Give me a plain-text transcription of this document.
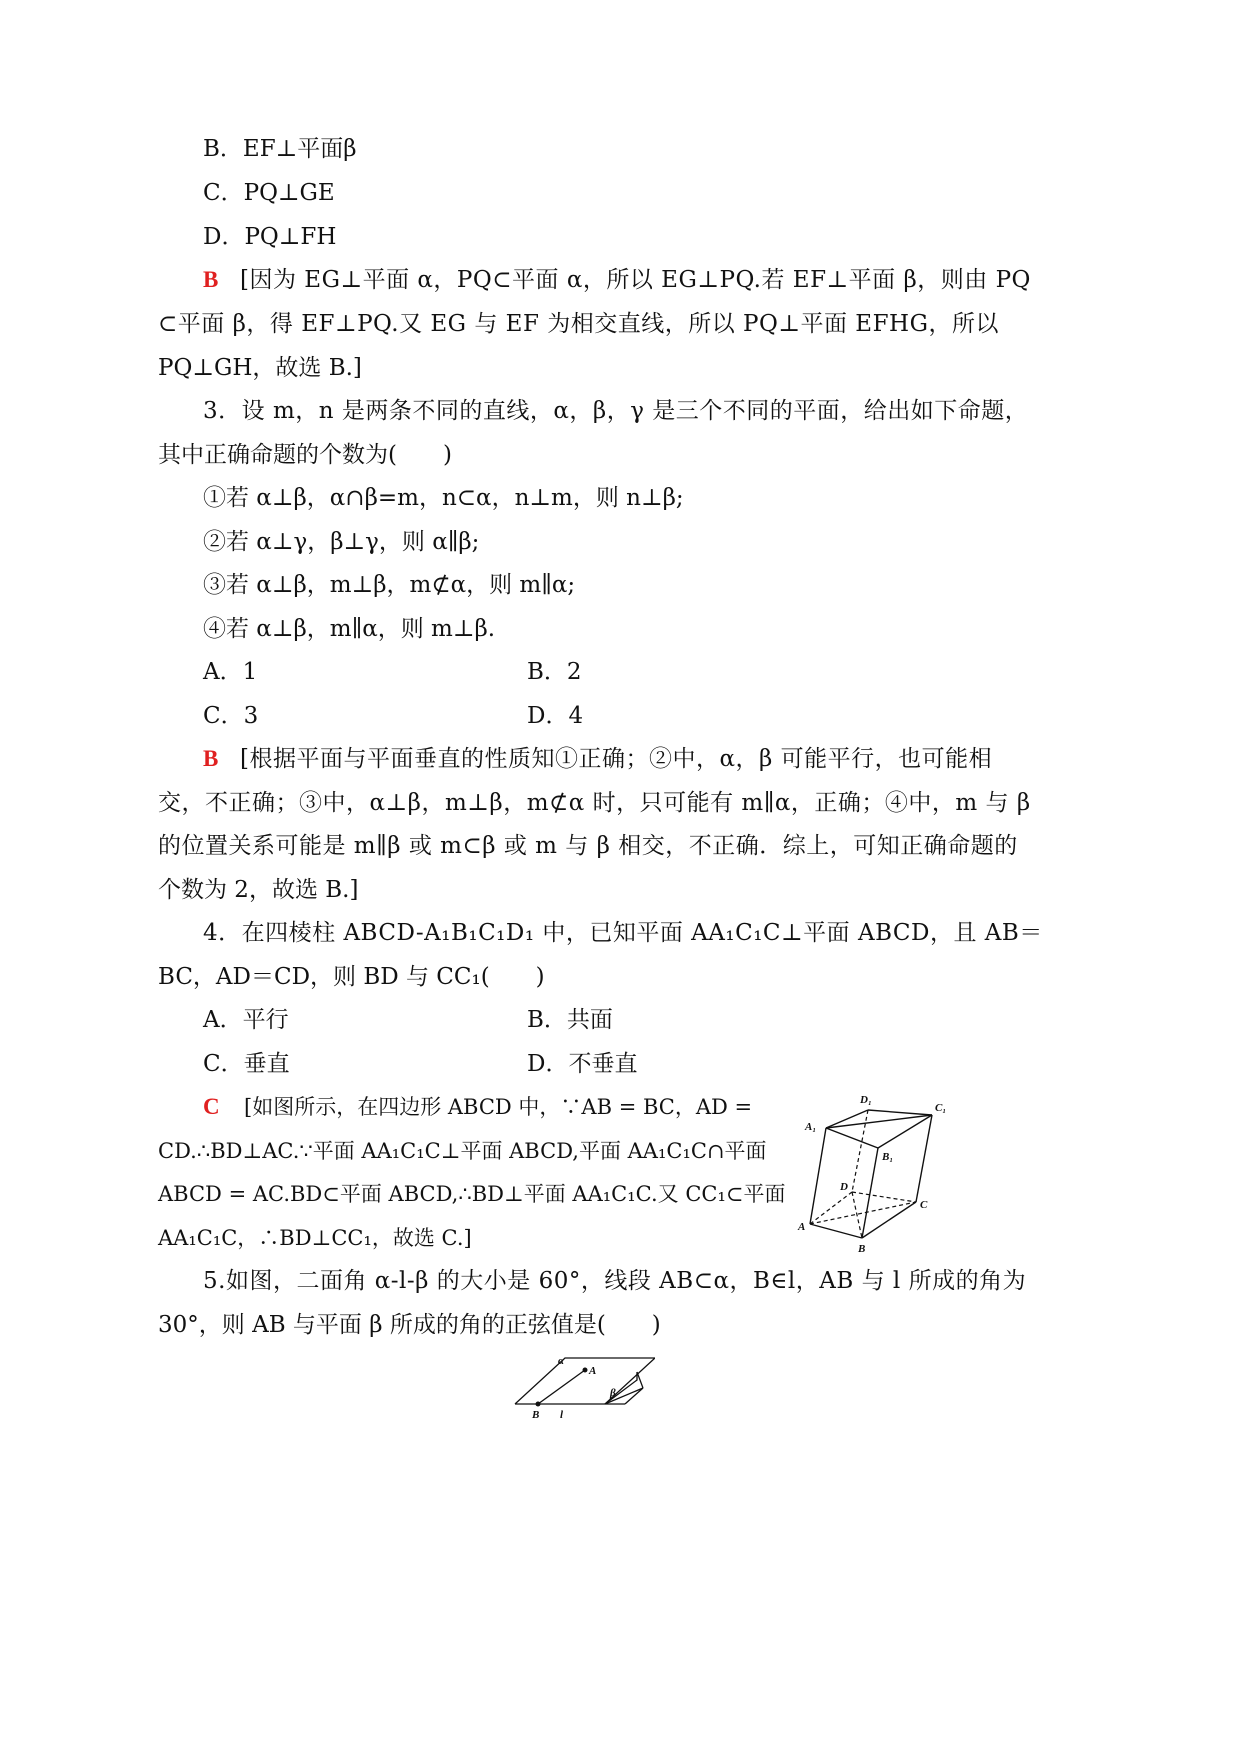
B．EF⊥平面β
C．PQ⊥GE
D．PQ⊥FH
B [因为 EG⊥平面 α，PQ⊂平面 α，所以 EG⊥PQ.若 EF⊥平面 β，则由 PQ
⊂平面 β，得 EF⊥PQ.又 EG 与 EF 为相交直线，所以 PQ⊥平面 EFHG，所以
PQ⊥GH，故选 B.]
3．设 m，n 是两条不同的直线，α，β，γ 是三个不同的平面，给出如下命题，
其中正确命题的个数为(　　)
①若 α⊥β，α∩β=m，n⊂α，n⊥m，则 n⊥β;
②若 α⊥γ，β⊥γ，则 α∥β;
③若 α⊥β，m⊥β，m⊄α，则 m∥α;
④若 α⊥β，m∥α，则 m⊥β.
A．1	B．2
C．3	D．4
B [根据平面与平面垂直的性质知①正确；②中，α，β 可能平行，也可能相
交，不正确；③中，α⊥β，m⊥β，m⊄α 时，只可能有 m∥α，正确；④中，m 与 β
的位置关系可能是 m∥β 或 m⊂β 或 m 与 β 相交，不正确．综上，可知正确命题的
个数为 2，故选 B.]
4．在四棱柱 ABCD-A₁B₁C₁D₁ 中，已知平面 AA₁C₁C⊥平面 ABCD，且 AB＝
BC，AD＝CD，则 BD 与 CC₁(　　)
A．平行	B．共面
C．垂直	D．不垂直
C [如图所示，在四边形 ABCD 中，∵AB = BC，AD =
CD.∴BD⊥AC.∵平面 AA₁C₁C⊥平面 ABCD,平面 AA₁C₁C∩平面
ABCD = AC.BD⊂平面 ABCD,∴BD⊥平面 AA₁C₁C.又 CC₁⊂平面
AA₁C₁C，∴BD⊥CC₁，故选 C.]
D₁
C₁
A₁
B₁
D
C
A
B
5.如图，二面角 α-l-β 的大小是 60°，线段 AB⊂α，B∈l，AB 与 l 所成的角为
30°，则 AB 与平面 β 所成的角的正弦值是(　　)
α
A
β
B l
